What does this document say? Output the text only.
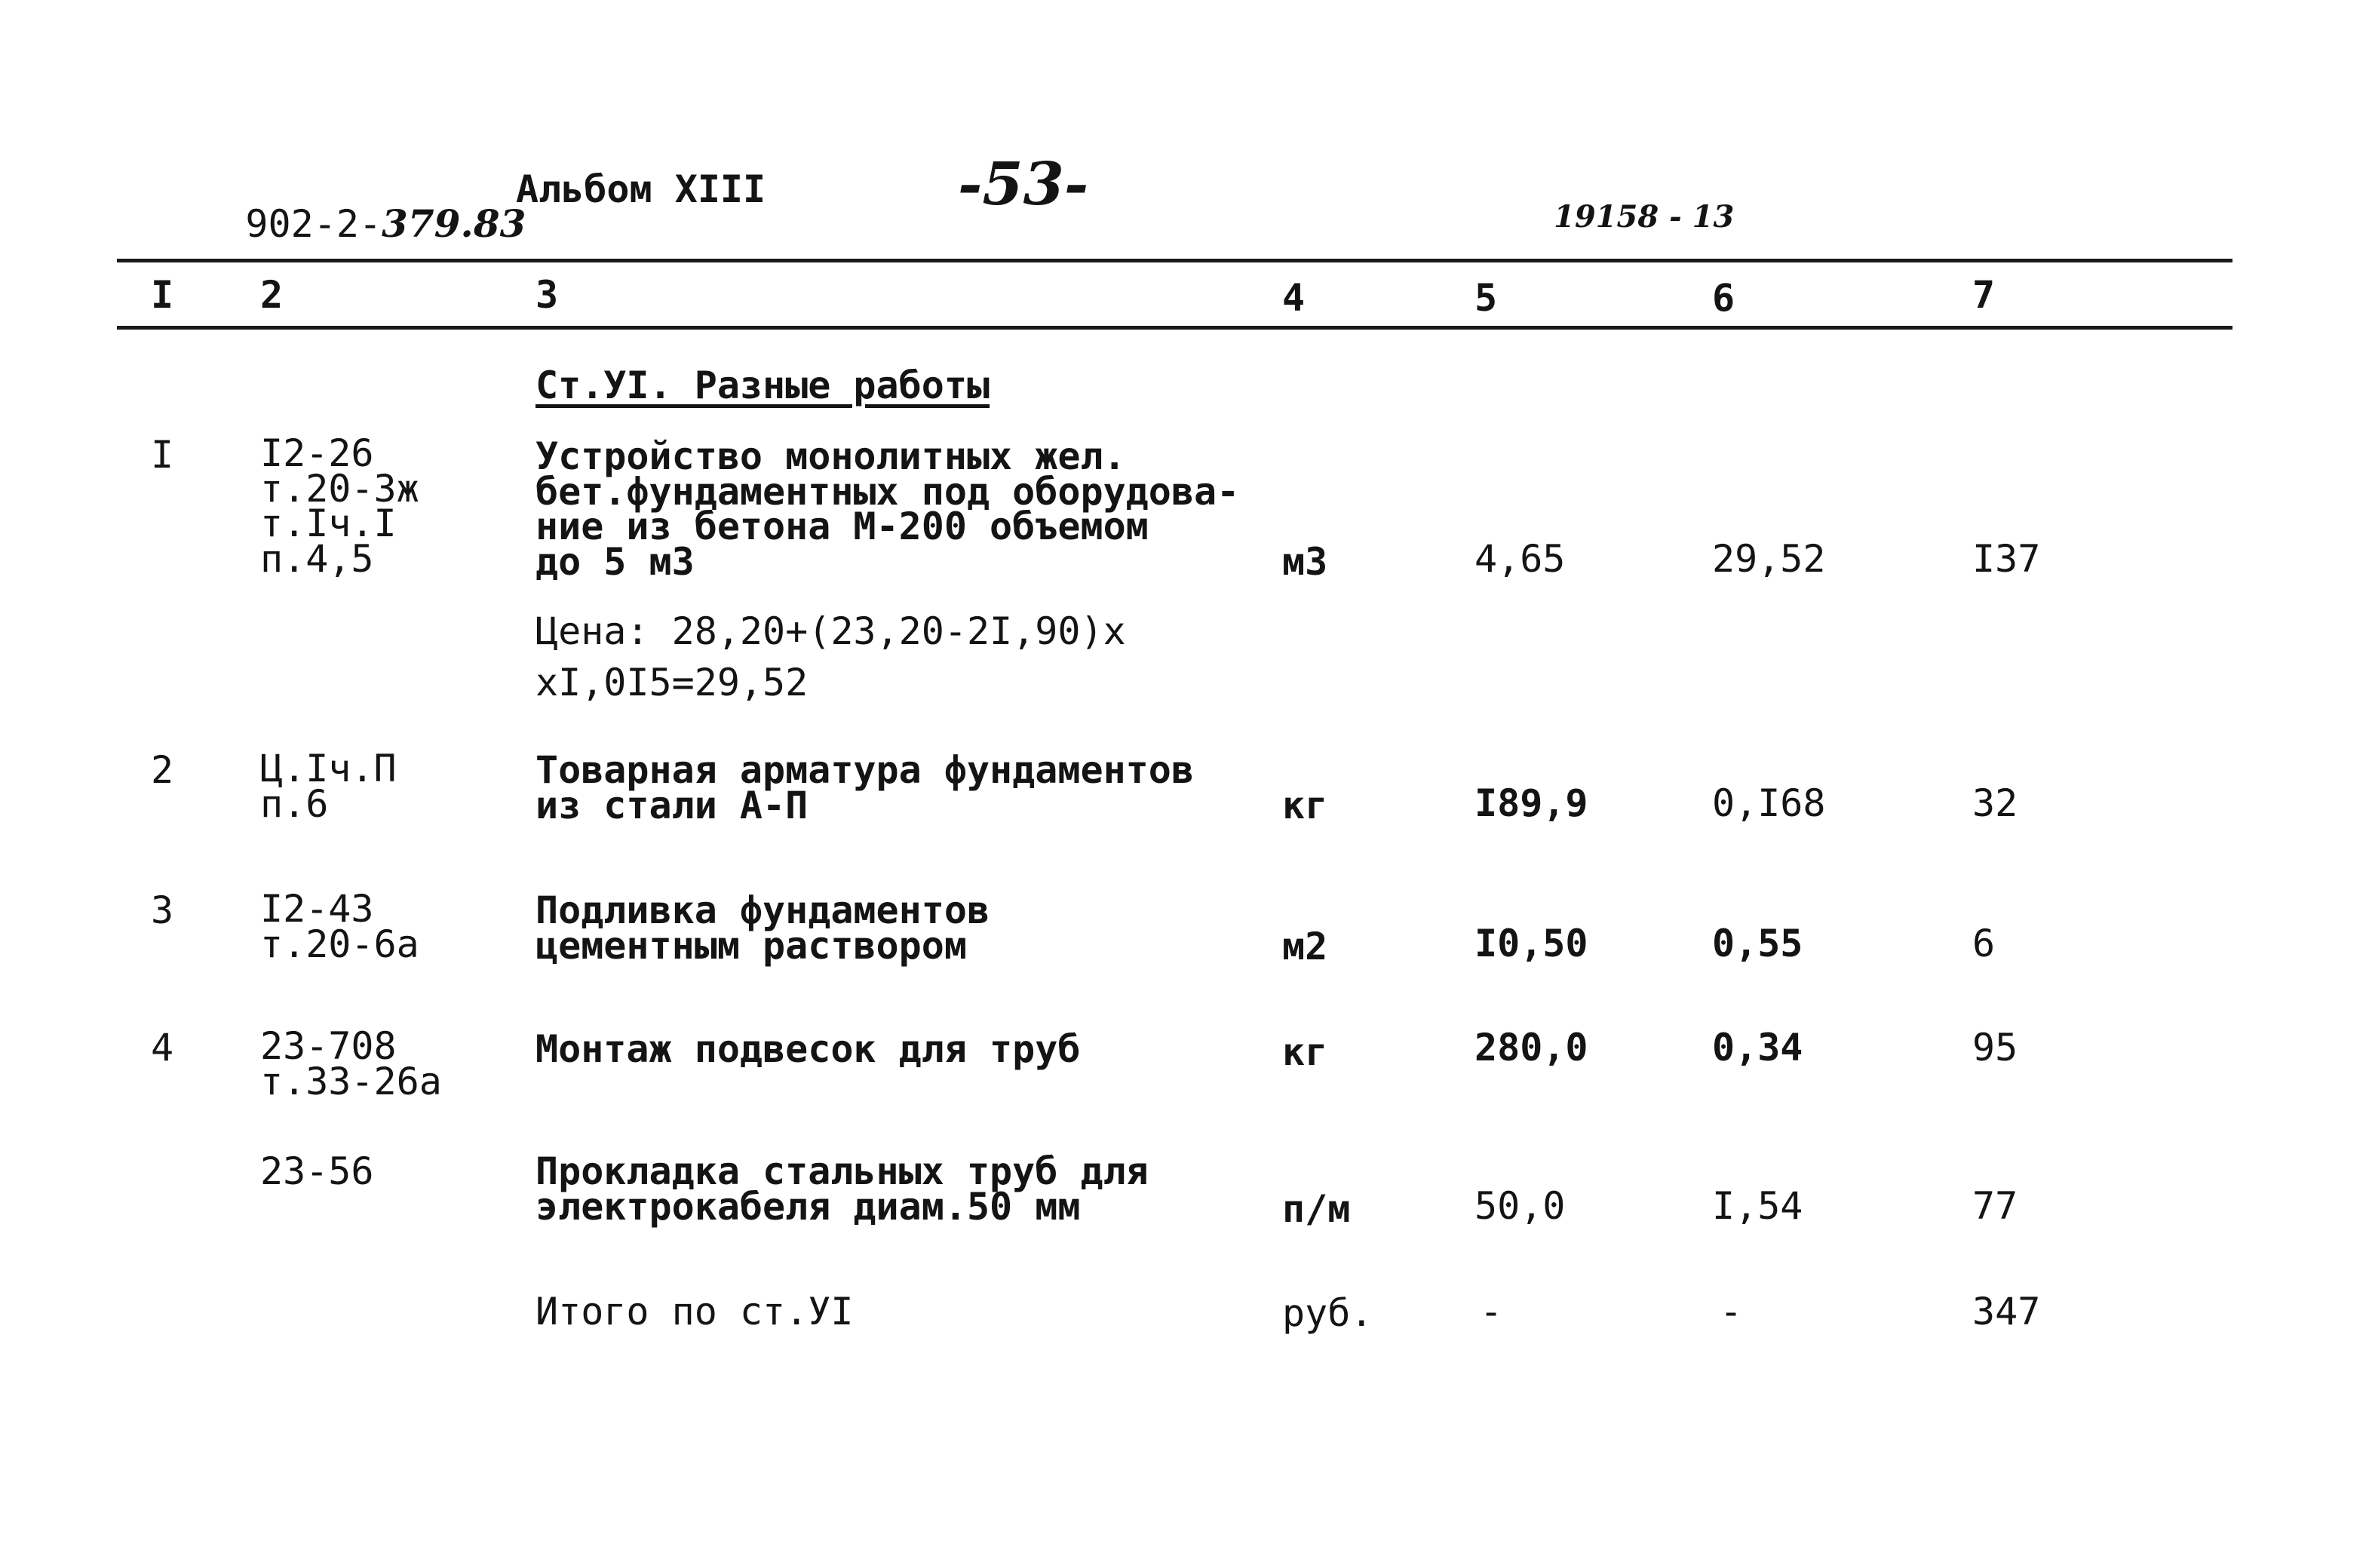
902-2-379.83

Альбом XIII	-53-	19158 - 13
I 2	3	4	5	6	7
Ст.УI. Разные работы
I I2-26
т.20-3ж
т.Iч.I
п.4,5
Устройство монолитных жел.
бет.фундаментных под оборудова-
ние из бетона М-200 объемом
до 5 м3	м3	4,65	29,52	I37
Цена: 28,20+(23,20-2I,90)x
xI,0I5=29,52
2 Ц.Iч.П
п.6
Товарная арматура фундаментов
из стали А-П	кг	I89,9	0,I68	32
3 I2-43
т.20-6а
Подливка фундаментов
цементным раствором	м2	I0,50	0,55	6
4 23-708
т.33-26а
Монтаж подвесок для труб	кг	280,0	0,34	95
23-56	Прокладка стальных труб для
электрокабеля диам.50 мм	п/м	50,0	I,54	77
Итого по ст.УI	руб.	-	-	347
